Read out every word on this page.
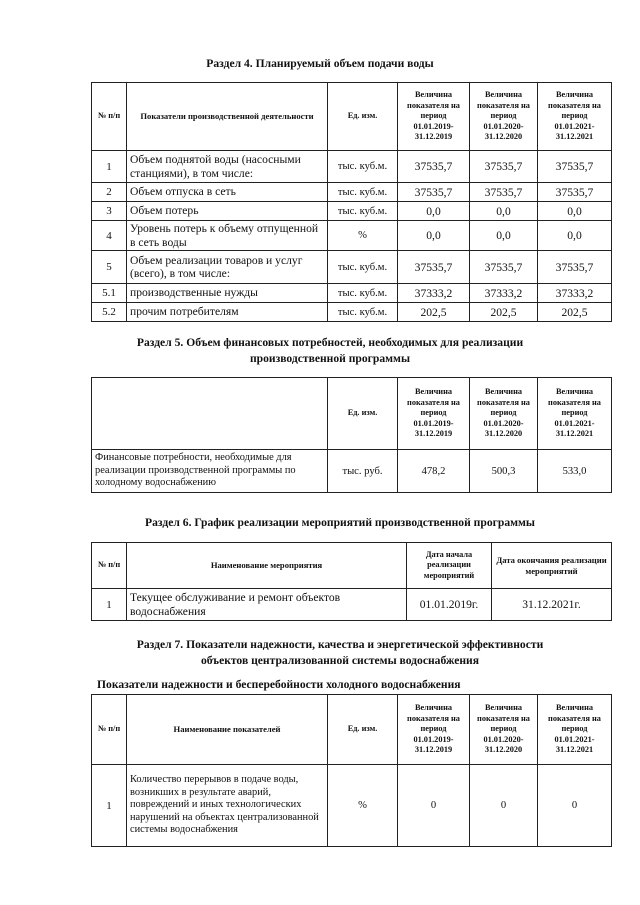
Раздел 4. Планируемый объем подачи воды
№ п/п	Показатели производственной деятельности	Ед. изм.	Величина показателя на период 01.01.2019-31.12.2019	Величина показателя на период 01.01.2020-31.12.2020	Величина показателя на период 01.01.2021-31.12.2021
1	Объем поднятой воды (насосными станциями), в том числе:	тыс. куб.м.	37535,7	37535,7	37535,7
2	Объем отпуска в сеть	тыс. куб.м.	37535,7	37535,7	37535,7
3	Объем потерь	тыс. куб.м.	0,0	0,0	0,0
4	Уровень потерь к объему отпущенной в сеть воды	%	0,0	0,0	0,0
5	Объем реализации товаров и услуг (всего), в том числе:	тыс. куб.м.	37535,7	37535,7	37535,7
5.1	производственные нужды	тыс. куб.м.	37333,2	37333,2	37333,2
5.2	прочим потребителям	тыс. куб.м.	202,5	202,5	202,5
Раздел 5. Объем финансовых потребностей, необходимых для реализации
производственной программы
	Ед. изм.	Величина показателя на период 01.01.2019-31.12.2019	Величина показателя на период 01.01.2020-31.12.2020	Величина показателя на период 01.01.2021-31.12.2021
Финансовые потребности, необходимые для реализации производственной программы по холодному водоснабжению	тыс. руб.	478,2	500,3	533,0
Раздел 6. График реализации мероприятий производственной программы
№ п/п	Наименование мероприятия	Дата начала реализации мероприятий	Дата окончания реализации мероприятий
1	Текущее обслуживание и ремонт объектов водоснабжения	01.01.2019г.	31.12.2021г.
Раздел 7. Показатели надежности, качества и энергетической эффективности
объектов централизованной системы водоснабжения
Показатели надежности и бесперебойности холодного водоснабжения
№ п/п	Наименование показателей	Ед. изм.	Величина показателя на период 01.01.2019-31.12.2019	Величина показателя на период 01.01.2020-31.12.2020	Величина показателя на период 01.01.2021-31.12.2021
1	Количество перерывов в подаче воды, возникших в результате аварий, повреждений и иных технологических нарушений на объектах централизованной системы водоснабжения	%	0	0	0
